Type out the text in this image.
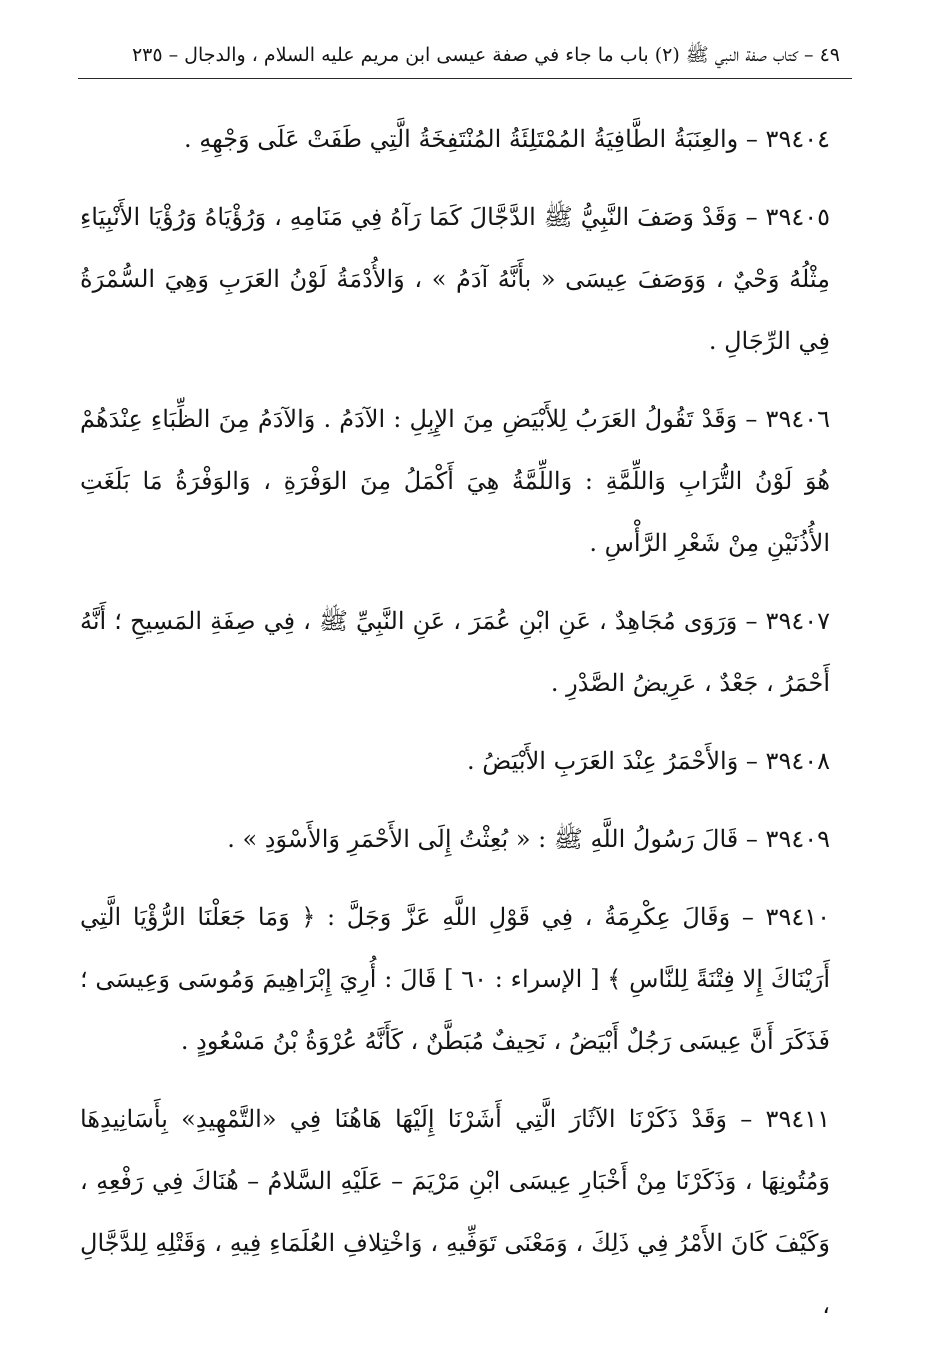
٤٩ – كتاب صفة النبي ﷺ (٢) باب ما جاء في صفة عيسى ابن مريم عليه السلام ، والدجال – ٢٣٥

٣٩٤٠٤ – والعِنَبَةُ الطَّافِيَةُ المُمْتَلِئَةُ المُنْتَفِخَةُ الَّتِي طَفَتْ عَلَى وَجْهِهِ .

٣٩٤٠٥ – وَقَدْ وَصَفَ النَّبِيُّ ﷺ الدَّجَّالَ كَمَا رَآهُ فِي مَنَامِهِ ، وَرُؤْيَاهُ وَرُؤْيَا الأَنْبِيَاءِ مِثْلُهُ وَحْيٌ ، وَوَصَفَ عِيسَى « بأَنَّهُ آدَمُ » ، وَالأُدْمَةُ لَوْنُ العَرَبِ وَهِيَ السُّمْرَةُ فِي الرِّجَالِ .

٣٩٤٠٦ – وَقَدْ تَقُولُ العَرَبُ لِلأَبْيَضِ مِنَ الإِبِلِ : الآدَمُ . وَالآدَمُ مِنَ الظِّبَاءِ عِنْدَهُمْ هُوَ لَوْنُ التُّرَابِ وَاللِّمَّةِ : وَاللِّمَّةُ هِيَ أَكْمَلُ مِنَ الوَفْرَةِ ، وَالوَفْرَةُ مَا بَلَغَتِ الأُذُنَيْنِ مِنْ شَعْرِ الرَّأْسِ .

٣٩٤٠٧ – وَرَوَى مُجَاهِدٌ ، عَنِ ابْنِ عُمَرَ ، عَنِ النَّبِيِّ ﷺ ، فِي صِفَةِ المَسِيحِ ؛ أَنَّهُ أَحْمَرُ ، جَعْدٌ ، عَرِيضُ الصَّدْرِ .

٣٩٤٠٨ – وَالأَحْمَرُ عِنْدَ العَرَبِ الأَبْيَضُ .

٣٩٤٠٩ – قَالَ رَسُولُ اللَّهِ ﷺ : « بُعِثْتُ إِلَى الأَحْمَرِ وَالأَسْوَدِ » .

٣٩٤١٠ – وَقَالَ عِكْرِمَةُ ، فِي قَوْلِ اللَّهِ عَزَّ وَجَلَّ : ﴿ وَمَا جَعَلْنَا الرُّؤْيَا الَّتِي أَرَيْنَاكَ إِلا فِتْنَةً لِلنَّاسِ ﴾ [ الإسراء : ٦٠ ] قَالَ : أُرِيَ إِبْرَاهِيمَ وَمُوسَى وَعِيسَى ؛ فَذَكَرَ أَنَّ عِيسَى رَجُلٌ أَبْيَضُ ، نَحِيفٌ مُبَطَّنٌ ، كَأَنَّهُ عُرْوَةُ بْنُ مَسْعُودٍ .

٣٩٤١١ – وَقَدْ ذَكَرْنَا الآثَارَ الَّتِي أَشَرْنَا إِلَيْهَا هَاهُنَا فِي «التَّمْهِيدِ» بِأَسَانِيدِهَا وَمُتُونِهَا ، وَذَكَرْنَا مِنْ أَخْبَارِ عِيسَى ابْنِ مَرْيَمَ – عَلَيْهِ السَّلامُ – هُنَاكَ فِي رَفْعِهِ ، وَكَيْفَ كَانَ الأَمْرُ فِي ذَلِكَ ، وَمَعْنَى تَوَفِّيهِ ، وَاخْتِلافِ العُلَمَاءِ فِيهِ ، وَقَتْلِهِ لِلدَّجَّالِ ،
